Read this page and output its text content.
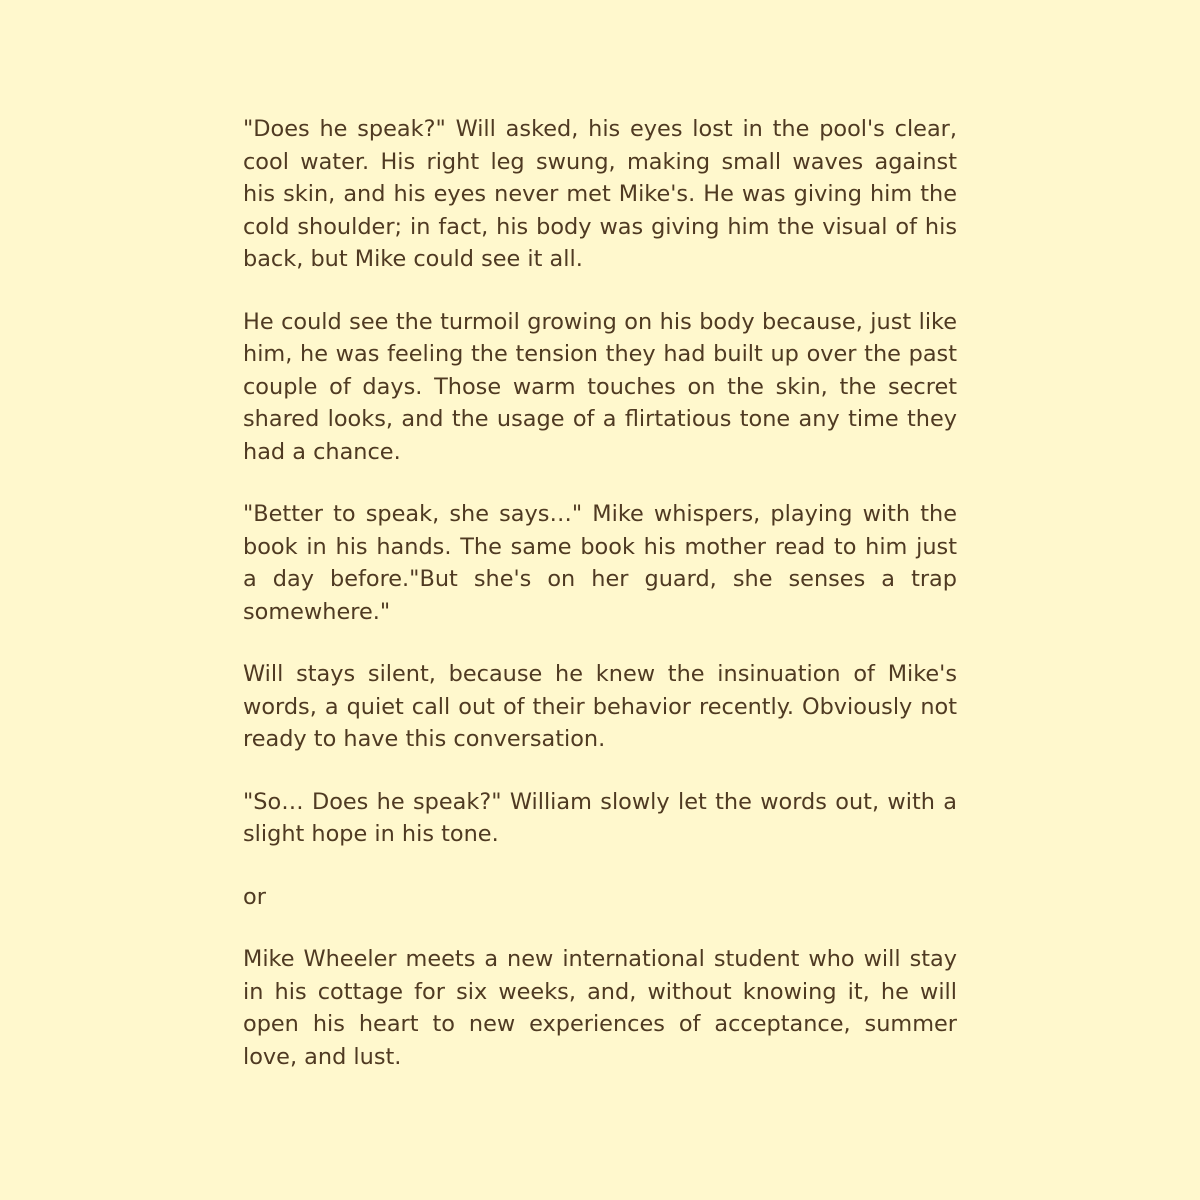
"Does he speak?" Will asked, his eyes lost in the pool's clear, cool water. His right leg swung, making small waves against his skin, and his eyes never met Mike's. He was giving him the cold shoulder; in fact, his body was giving him the visual of his back, but Mike could see it all.

He could see the turmoil growing on his body because, just like him, he was feeling the tension they had built up over the past couple of days. Those warm touches on the skin, the secret shared looks, and the usage of a flirtatious tone any time they had a chance.

"Better to speak, she says…" Mike whispers, playing with the book in his hands. The same book his mother read to him just a day before."But she's on her guard, she senses a trap somewhere."

Will stays silent, because he knew the insinuation of Mike's words, a quiet call out of their behavior recently. Obviously not ready to have this conversation.

"So… Does he speak?" William slowly let the words out, with a slight hope in his tone.

or

Mike Wheeler meets a new international student who will stay in his cottage for six weeks, and, without knowing it, he will open his heart to new experiences of acceptance, summer love, and lust.
